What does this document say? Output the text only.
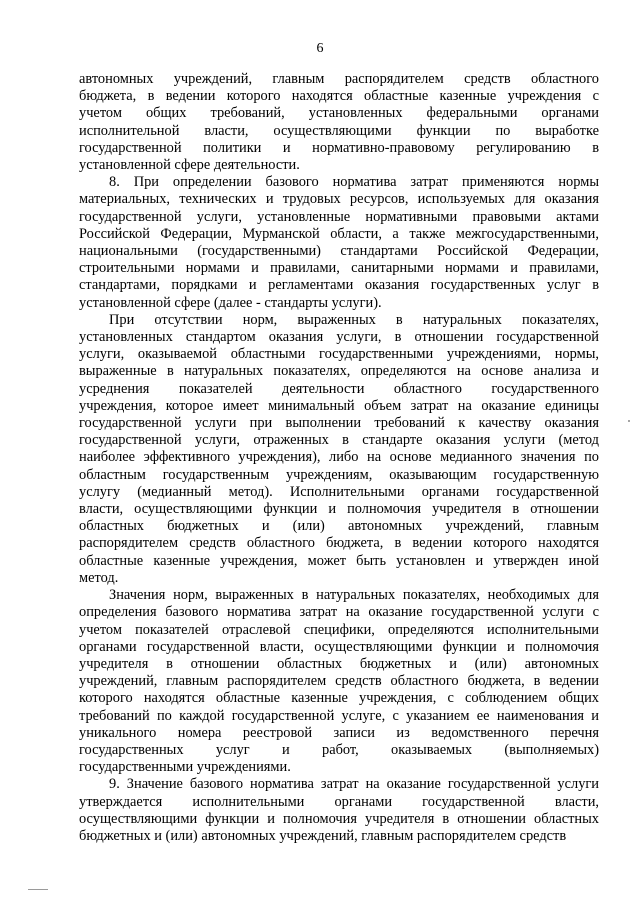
6
автономных учреждений, главным распорядителем средств областного
бюджета, в ведении которого находятся областные казенные учреждения с
учетом общих требований, установленных федеральными органами
исполнительной власти, осуществляющими функции по выработке
государственной политики и нормативно-правовому регулированию в
установленной сфере деятельности.
8. При определении базового норматива затрат применяются нормы
материальных, технических и трудовых ресурсов, используемых для оказания
государственной услуги, установленные нормативными правовыми актами
Российской Федерации, Мурманской области, а также межгосударственными,
национальными (государственными) стандартами Российской Федерации,
строительными нормами и правилами, санитарными нормами и правилами,
стандартами, порядками и регламентами оказания государственных услуг в
установленной сфере (далее - стандарты услуги).
При отсутствии норм, выраженных в натуральных показателях,
установленных стандартом оказания услуги, в отношении государственной
услуги, оказываемой областными государственными учреждениями, нормы,
выраженные в натуральных показателях, определяются на основе анализа и
усреднения показателей деятельности областного государственного
учреждения, которое имеет минимальный объем затрат на оказание единицы
государственной услуги при выполнении требований к качеству оказания
государственной услуги, отраженных в стандарте оказания услуги (метод
наиболее эффективного учреждения), либо на основе медианного значения по
областным государственным учреждениям, оказывающим государственную
услугу (медианный метод). Исполнительными органами государственной
власти, осуществляющими функции и полномочия учредителя в отношении
областных бюджетных и (или) автономных учреждений, главным
распорядителем средств областного бюджета, в ведении которого находятся
областные казенные учреждения, может быть установлен и утвержден иной
метод.
Значения норм, выраженных в натуральных показателях, необходимых для
определения базового норматива затрат на оказание государственной услуги с
учетом показателей отраслевой специфики, определяются исполнительными
органами государственной власти, осуществляющими функции и полномочия
учредителя в отношении областных бюджетных и (или) автономных
учреждений, главным распорядителем средств областного бюджета, в ведении
которого находятся областные казенные учреждения, с соблюдением общих
требований по каждой государственной услуге, с указанием ее наименования и
уникального номера реестровой записи из ведомственного перечня
государственных услуг и работ, оказываемых (выполняемых)
государственными учреждениями.
9. Значение базового норматива затрат на оказание государственной услуги
утверждается исполнительными органами государственной власти,
осуществляющими функции и полномочия учредителя в отношении областных
бюджетных и (или) автономных учреждений, главным распорядителем средств
